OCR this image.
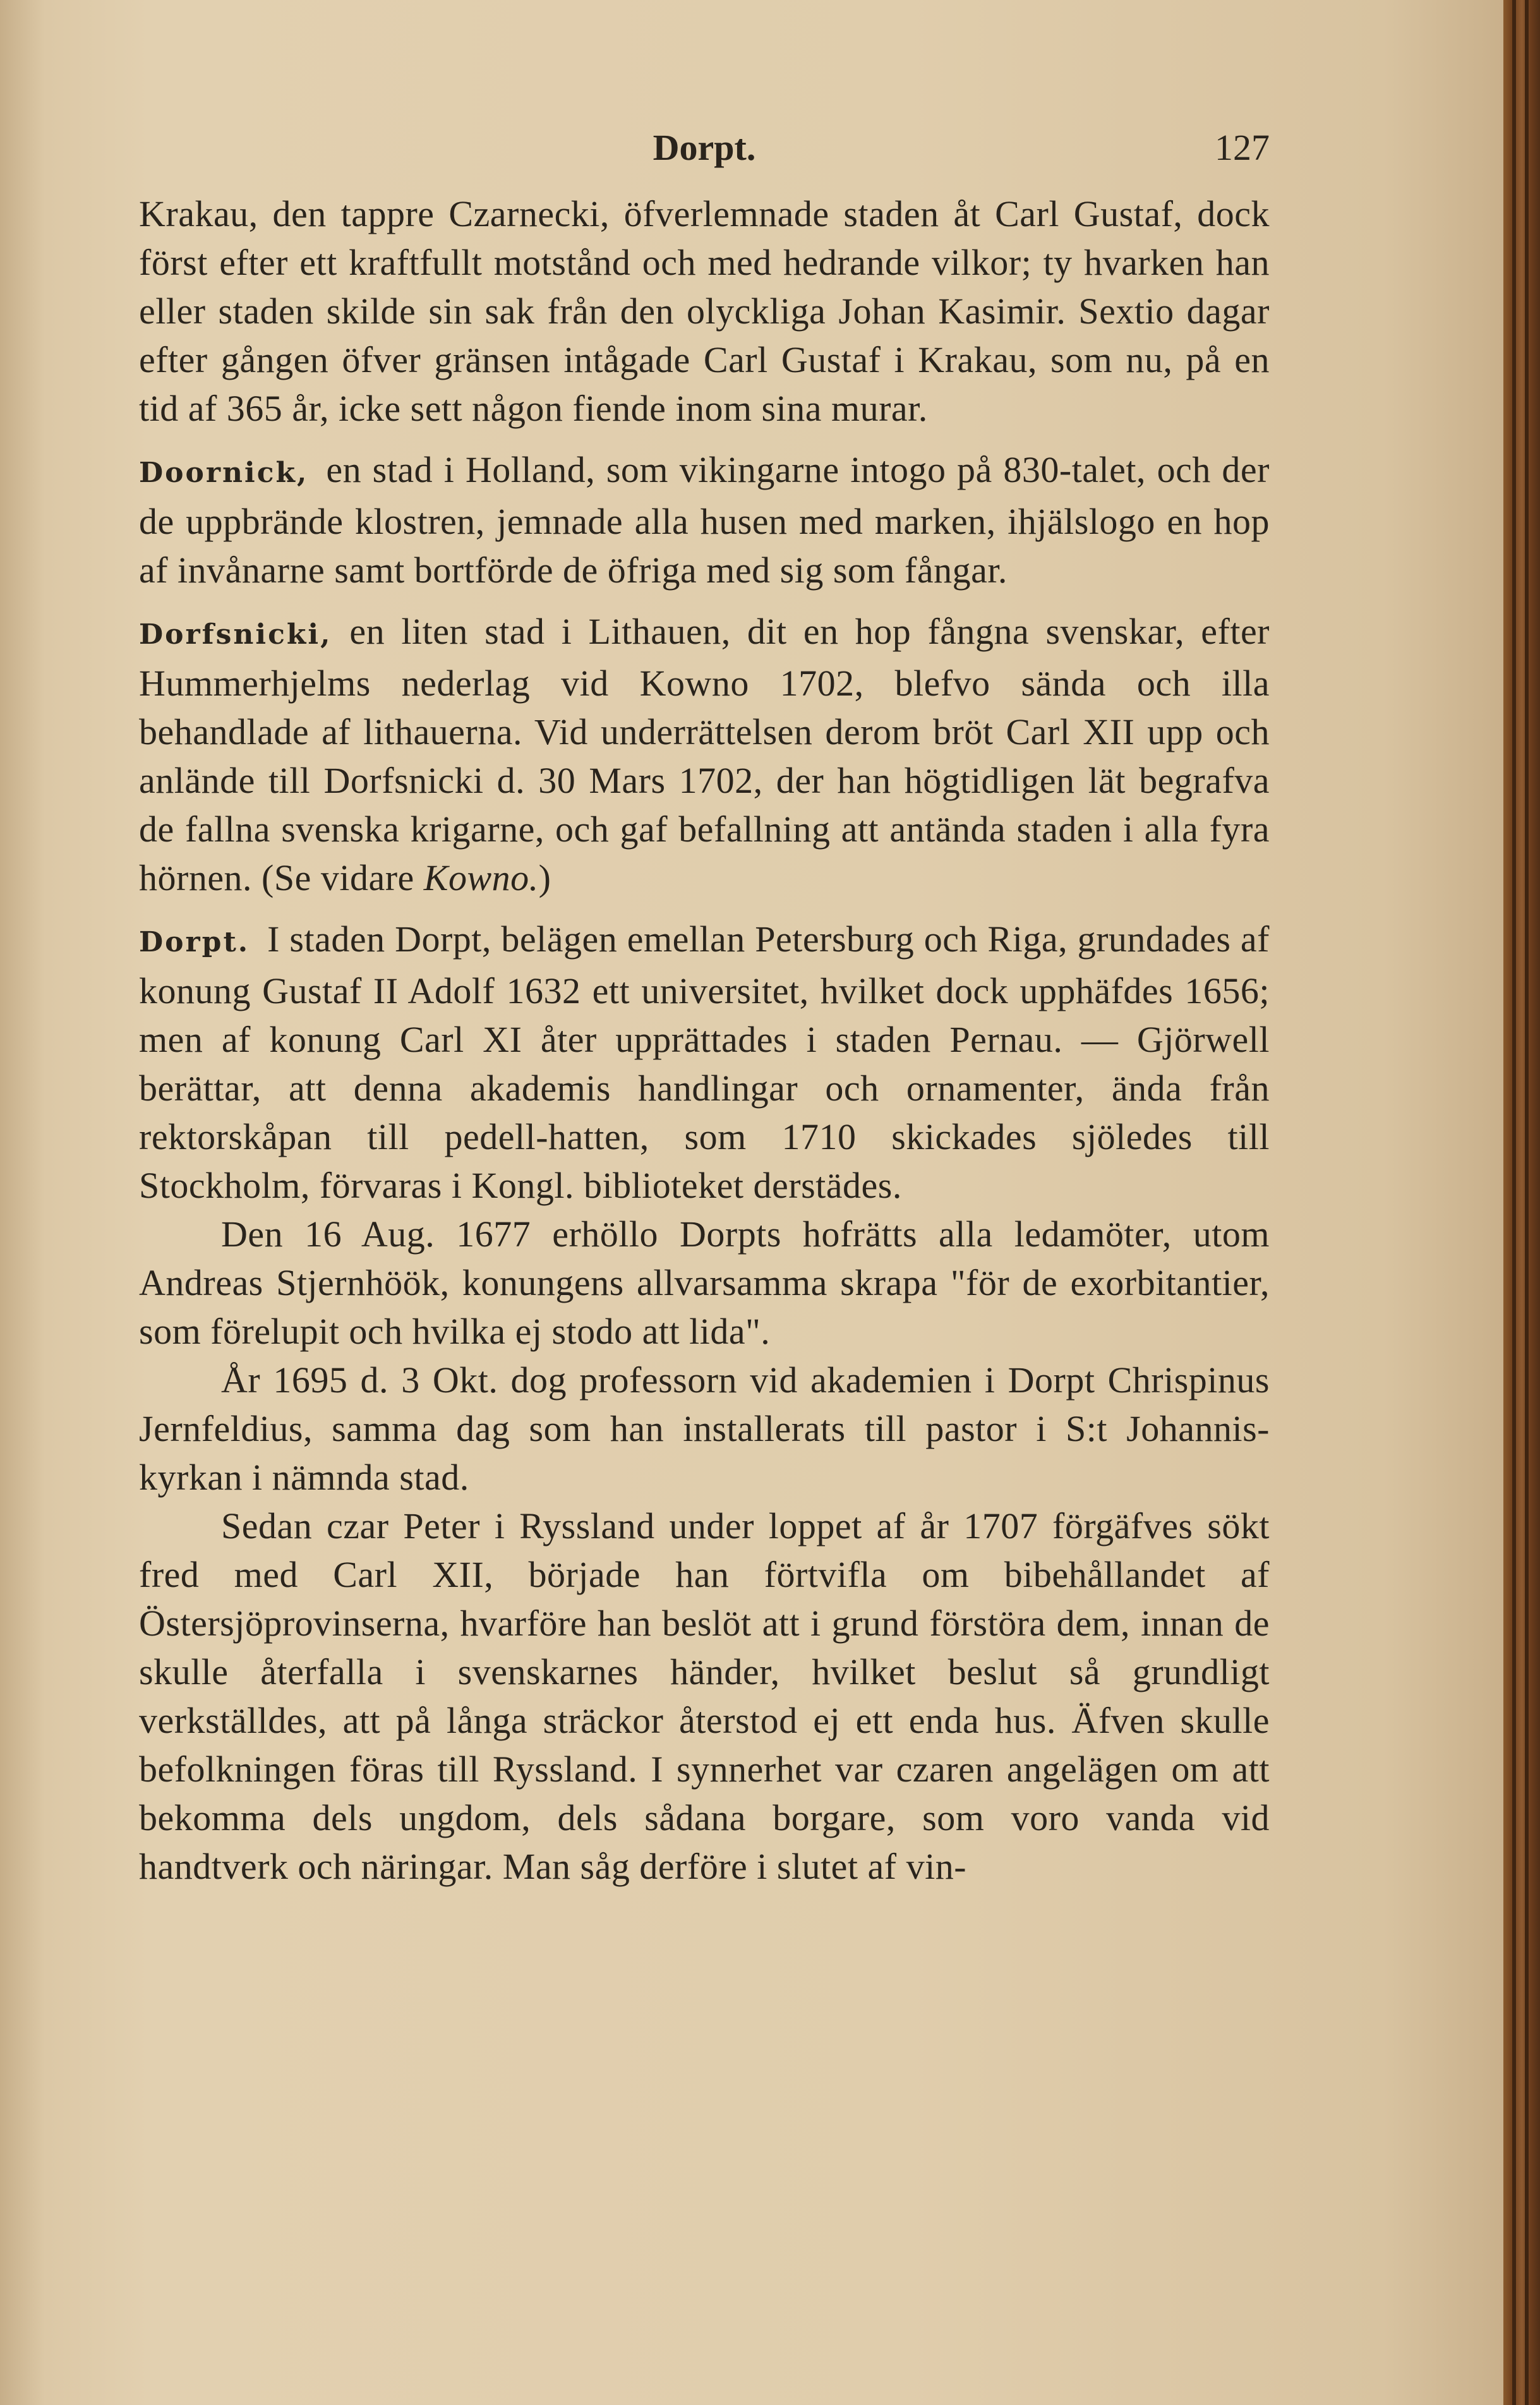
Dorpt.	127

Krakau, den tappre Czarnecki, öfverlemnade staden åt Carl Gustaf, dock först efter ett kraftfullt motstånd och med hedrande vilkor; ty hvarken han eller staden skilde sin sak från den olyckliga Johan Kasimir. Sextio dagar efter gången öfver gränsen intågade Carl Gustaf i Krakau, som nu, på en tid af 365 år, icke sett någon fiende inom sina murar.

Doornick, en stad i Holland, som vikingarne intogo på 830-talet, och der de uppbrände klostren, jemnade alla husen med marken, ihjälslogo en hop af invånarne samt bortförde de öfriga med sig som fångar.

Dorfsnicki, en liten stad i Lithauen, dit en hop fångna svenskar, efter Hummerhjelms nederlag vid Kowno 1702, blefvo sända och illa behandlade af lithauerna. Vid underrättelsen derom bröt Carl XII upp och anlände till Dorfsnicki d. 30 Mars 1702, der han högtidligen lät begrafva de fallna svenska krigarne, och gaf befallning att antända staden i alla fyra hörnen. (Se vidare Kowno.)

Dorpt. I staden Dorpt, belägen emellan Petersburg och Riga, grundades af konung Gustaf II Adolf 1632 ett universitet, hvilket dock upphäfdes 1656; men af konung Carl XI åter upprättades i staden Pernau. — Gjörwell berättar, att denna akademis handlingar och ornamenter, ända från rektorskåpan till pedell-hatten, som 1710 skickades sjöledes till Stockholm, förvaras i Kongl. biblioteket derstädes.

Den 16 Aug. 1677 erhöllo Dorpts hofrätts alla ledamöter, utom Andreas Stjernhöök, konungens allvarsamma skrapa "för de exorbitantier, som förelupit och hvilka ej stodo att lida".

År 1695 d. 3 Okt. dog professorn vid akademien i Dorpt Chrispinus Jernfeldius, samma dag som han installerats till pastor i S:t Johannis-kyrkan i nämnda stad.

Sedan czar Peter i Ryssland under loppet af år 1707 förgäfves sökt fred med Carl XII, började han förtvifla om bibehållandet af Östersjöprovinserna, hvarföre han beslöt att i grund förstöra dem, innan de skulle återfalla i svenskarnes händer, hvilket beslut så grundligt verkställdes, att på långa sträckor återstod ej ett enda hus. Äfven skulle befolkningen föras till Ryssland. I synnerhet var czaren angelägen om att bekomma dels ungdom, dels sådana borgare, som voro vanda vid handtverk och näringar. Man såg derföre i slutet af vin-
